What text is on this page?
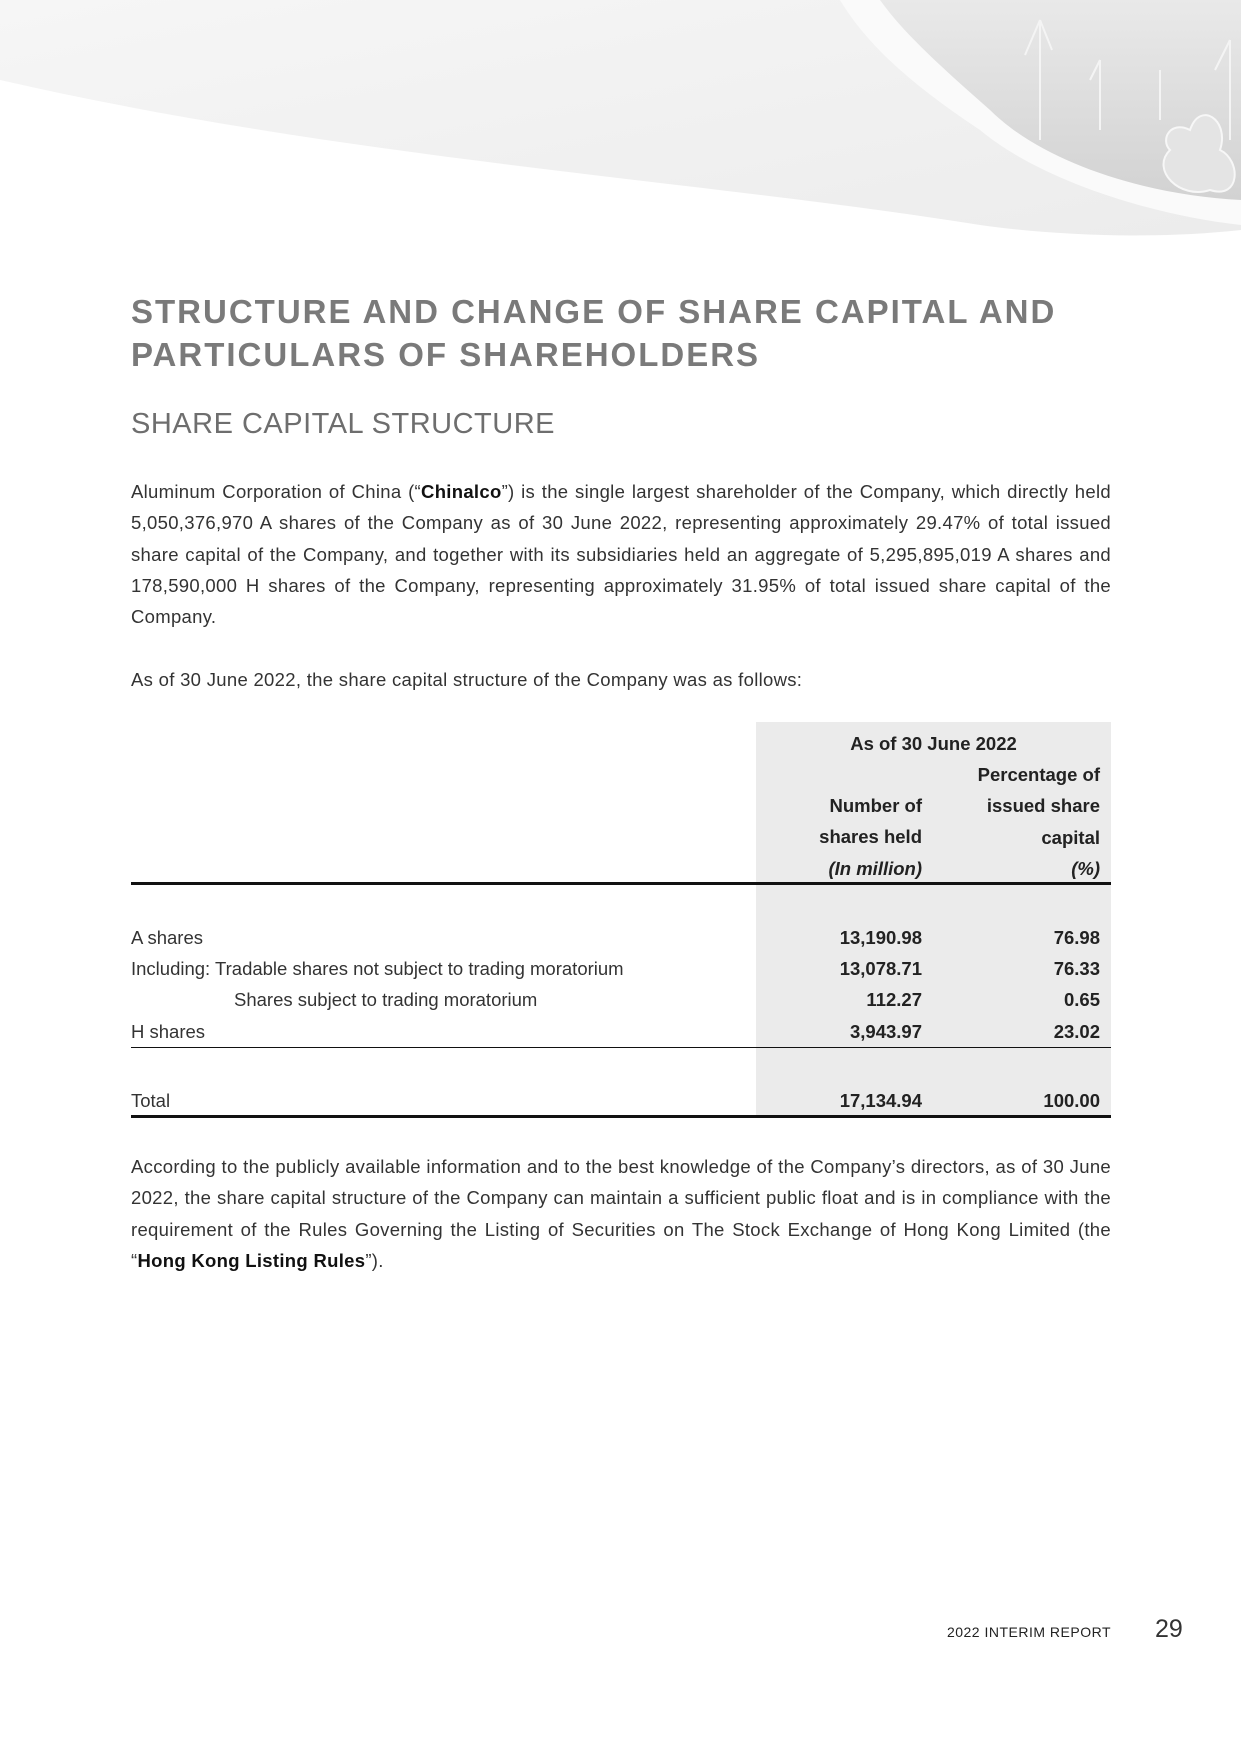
STRUCTURE AND CHANGE OF SHARE CAPITAL AND PARTICULARS OF SHAREHOLDERS
SHARE CAPITAL STRUCTURE

Aluminum Corporation of China (“Chinalco”) is the single largest shareholder of the Company, which directly held 5,050,376,970 A shares of the Company as of 30 June 2022, representing approximately 29.47% of total issued share capital of the Company, and together with its subsidiaries held an aggregate of 5,295,895,019 A shares and 178,590,000 H shares of the Company, representing approximately 31.95% of total issued share capital of the Company.

As of 30 June 2022, the share capital structure of the Company was as follows:

As of 30 June 2022
Number of
shares held
(In million)
Percentage of
issued share
capital
(%)
A shares	13,190.98	76.98
Including: Tradable shares not subject to trading moratorium	13,078.71	76.33
Shares subject to trading moratorium	112.27	0.65
H shares	3,943.97	23.02
Total	17,134.94	100.00

According to the publicly available information and to the best knowledge of the Company’s directors, as of 30 June 2022, the share capital structure of the Company can maintain a sufficient public float and is in compliance with the requirement of the Rules Governing the Listing of Securities on The Stock Exchange of Hong Kong Limited (the “Hong Kong Listing Rules”).

2022 INTERIM REPORT 29
